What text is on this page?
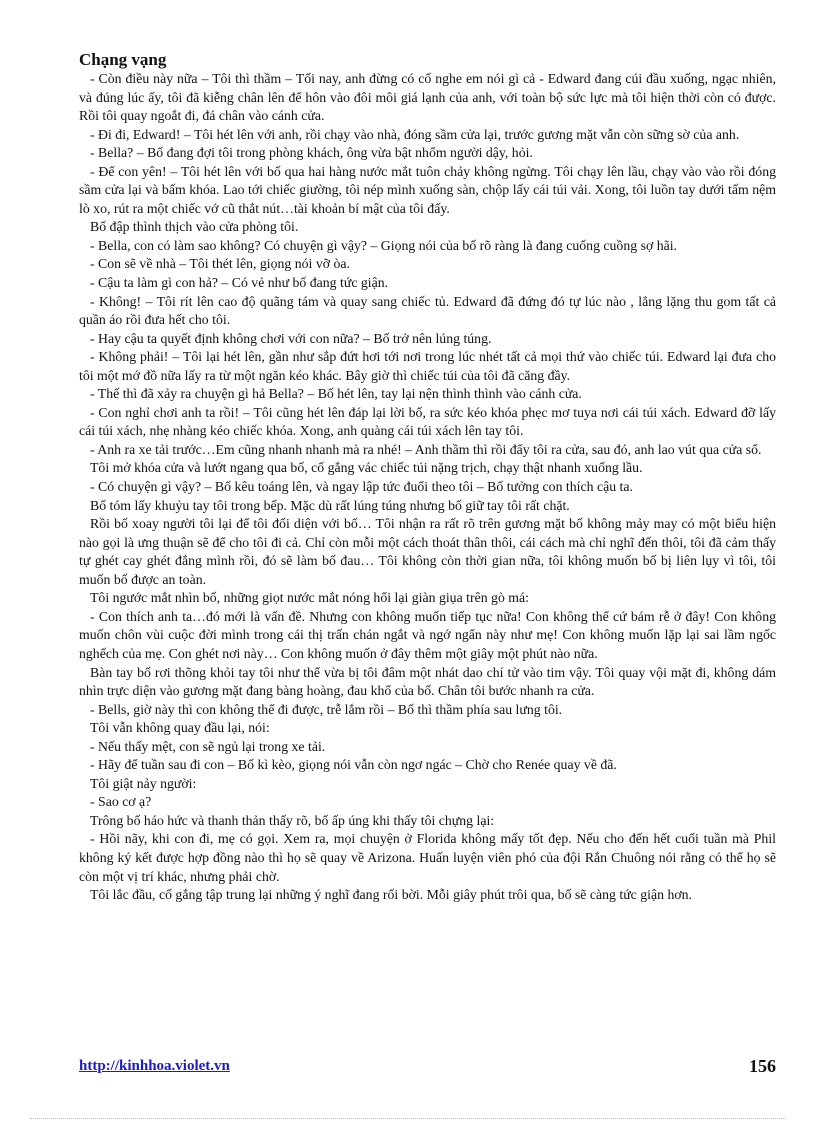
Chạng vạng

- Còn điều này nữa – Tôi thì thầm – Tối nay, anh đừng có cố nghe em nói gì cả - Edward đang cúi đầu xuống, ngạc nhiên, và đúng lúc ấy, tôi đã kiễng chân lên để hôn vào đôi môi giá lạnh của anh, với toàn bộ sức lực mà tôi hiện thời còn có được. Rồi tôi quay ngoắt đi, đá chân vào cánh cửa.

- Đi đi, Edward! – Tôi hét lên với anh, rồi chạy vào nhà, đóng sầm cửa lại, trước gương mặt vẫn còn sững sờ của anh.

- Bella? – Bố đang đợi tôi trong phòng khách, ông vừa bật nhổm người dậy, hỏi.

- Để con yên! – Tôi hét lên với bố qua hai hàng nước mắt tuôn chảy không ngừng. Tôi chạy lên lầu, chạy vào vào rồi đóng sầm cửa lại và bấm khóa. Lao tới chiếc giường, tôi nép mình xuống sàn, chộp lấy cái túi vải. Xong, tôi luồn tay dưới tấm nệm lò xo, rút ra một chiếc vớ cũ thắt nút…tài khoản bí mật của tôi đấy.

Bố đập thình thịch vào cửa phòng tôi.

- Bella, con có làm sao không? Có chuyện gì vậy? – Giọng nói của bố rõ ràng là đang cuống cuồng sợ hãi.

- Con sẽ về nhà – Tôi thét lên, giọng nói vỡ òa.

- Cậu ta làm gì con hả? – Có vẻ như bố đang tức giận.

- Không! – Tôi rít lên cao độ quãng tám và quay sang chiếc tủ. Edward đã đứng đó tự lúc nào , lẳng lặng thu gom tất cả quần áo rồi đưa hết cho tôi.

- Hay cậu ta quyết định không chơi với con nữa? – Bố trở nên lúng túng.

- Không phải! – Tôi lại hét lên, gần như sắp đứt hơi tới nơi trong lúc nhét tất cả mọi thứ vào chiếc túi. Edward lại đưa cho tôi một mớ đồ nữa lấy ra từ một ngăn kéo khác. Bây giờ thì chiếc túi của tôi đã căng đầy.

- Thế thì đã xảy ra chuyện gì hả Bella? – Bố hét lên, tay lại nện thình thình vào cánh cửa.

- Con nghỉ chơi anh ta rồi! – Tôi cũng hét lên đáp lại lời bố, ra sức kéo khóa phẹc mơ tuya nơi cái túi xách. Edward đỡ lấy cái túi xách, nhẹ nhàng kéo chiếc khóa. Xong, anh quàng cái túi xách lên tay tôi.

- Anh ra xe tải trước…Em cũng nhanh nhanh mà ra nhé! – Anh thầm thì rồi đẩy tôi ra cửa, sau đó, anh lao vút qua cửa sổ.

Tôi mở khóa cửa và lướt ngang qua bố, cố gắng vác chiếc túi nặng trịch, chạy thật nhanh xuống lầu.

- Có chuyện gì vậy? – Bố kêu toáng lên, và ngay lập tức đuổi theo tôi – Bố tưởng con thích cậu ta.

Bố tóm lấy khuỷu tay tôi trong bếp. Mặc dù rất lúng túng nhưng bố giữ tay tôi rất chặt.

Rồi bố xoay người tôi lại để tôi đối diện với bố… Tôi nhận ra rất rõ trên gương mặt bố không mảy may có một biểu hiện nào gọi là ưng thuận sẽ để cho tôi đi cả. Chỉ còn mỗi một cách thoát thân thôi, cái cách mà chỉ nghĩ đến thôi, tôi đã cảm thấy tự ghét cay ghét đắng mình rồi, đó sẽ làm bố đau… Tôi không còn thời gian nữa, tôi không muốn bố bị liên lụy vì tôi, tôi muốn bố được an toàn.

Tôi ngước mắt nhìn bố, những giọt nước mắt nóng hổi lại giàn giụa trên gò má:

- Con thích anh ta…đó mới là vấn đề. Nhưng con không muốn tiếp tục nữa! Con không thể cứ bám rễ ở đây! Con không muốn chôn vùi cuộc đời mình trong cái thị trấn chán ngắt và ngớ ngẩn này như mẹ! Con không muốn lặp lại sai lầm ngốc nghếch của mẹ. Con ghét nơi này… Con không muốn ở đây thêm một giây một phút nào nữa.

Bàn tay bố rơi thõng khỏi tay tôi như thể vừa bị tôi đâm một nhát dao chí tử vào tim vậy. Tôi quay vội mặt đi, không dám nhìn trực diện vào gương mặt đang bàng hoàng, đau khổ của bố. Chân tôi bước nhanh ra cửa.

- Bells, giờ này thì con không thể đi được, trễ lắm rồi – Bố thì thầm phía sau lưng tôi.

Tôi vẫn không quay đầu lại, nói:

- Nếu thấy mệt, con sẽ ngủ lại trong xe tải.

- Hãy để tuần sau đi con – Bố kì kèo, giọng nói vẫn còn ngơ ngác – Chờ cho Renée quay về đã.

Tôi giật nảy người:

- Sao cơ ạ?

Trông bố háo hức và thanh thản thấy rõ, bố ấp úng khi thấy tôi chựng lại:

- Hồi nãy, khi con đi, mẹ có gọi. Xem ra, mọi chuyện ở Florida không mấy tốt đẹp. Nếu cho đến hết cuối tuần mà Phil không ký kết được hợp đồng nào thì họ sẽ quay về Arizona. Huấn luyện viên phó của đội Rắn Chuông nói rằng có thể họ sẽ còn một vị trí khác, nhưng phải chờ.

Tôi lắc đầu, cố gắng tập trung lại những ý nghĩ đang rối bời. Mỗi giây phút trôi qua, bố sẽ càng tức giận hơn.

http://kinhhoa.violet.vn	156
